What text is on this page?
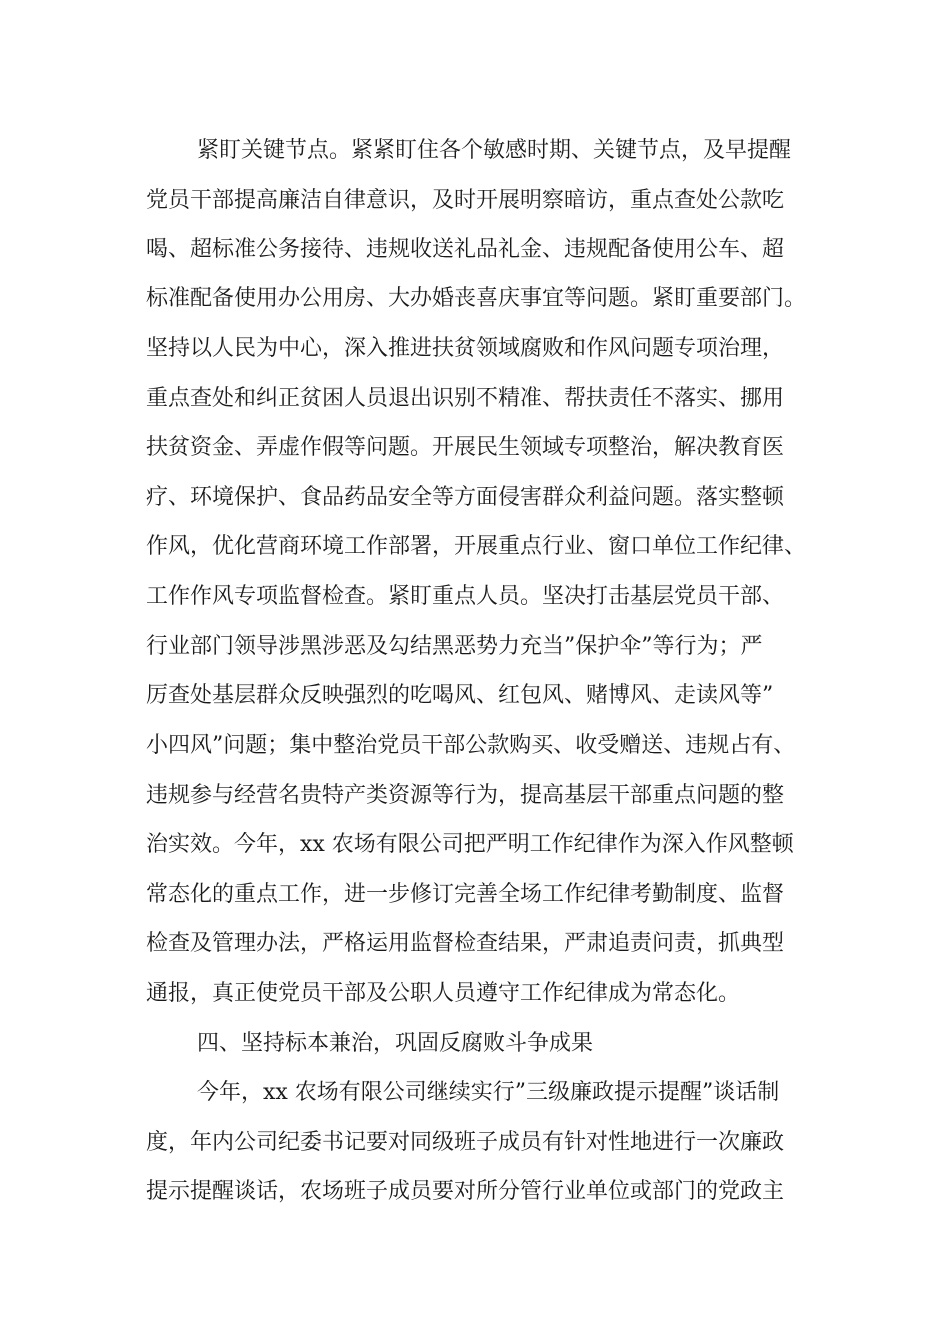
紧盯关键节点。紧紧盯住各个敏感时期、关键节点，及早提醒
党员干部提高廉洁自律意识，及时开展明察暗访，重点查处公款吃
喝、超标准公务接待、违规收送礼品礼金、违规配备使用公车、超
标准配备使用办公用房、大办婚丧喜庆事宜等问题。紧盯重要部门。
坚持以人民为中心，深入推进扶贫领域腐败和作风问题专项治理，
重点查处和纠正贫困人员退出识别不精准、帮扶责任不落实、挪用
扶贫资金、弄虚作假等问题。开展民生领域专项整治，解决教育医
疗、环境保护、食品药品安全等方面侵害群众利益问题。落实整顿
作风，优化营商环境工作部署，开展重点行业、窗口单位工作纪律、
工作作风专项监督检查。紧盯重点人员。坚决打击基层党员干部、
行业部门领导涉黑涉恶及勾结黑恶势力充当”保护伞”等行为；严
厉查处基层群众反映强烈的吃喝风、红包风、赌博风、走读风等”
小四风”问题；集中整治党员干部公款购买、收受赠送、违规占有、
违规参与经营名贵特产类资源等行为，提高基层干部重点问题的整
治实效。今年，xx 农场有限公司把严明工作纪律作为深入作风整顿
常态化的重点工作，进一步修订完善全场工作纪律考勤制度、监督
检查及管理办法，严格运用监督检查结果，严肃追责问责，抓典型
通报，真正使党员干部及公职人员遵守工作纪律成为常态化。
四、坚持标本兼治，巩固反腐败斗争成果
今年，xx 农场有限公司继续实行”三级廉政提示提醒”谈话制
度，年内公司纪委书记要对同级班子成员有针对性地进行一次廉政
提示提醒谈话，农场班子成员要对所分管行业单位或部门的党政主
